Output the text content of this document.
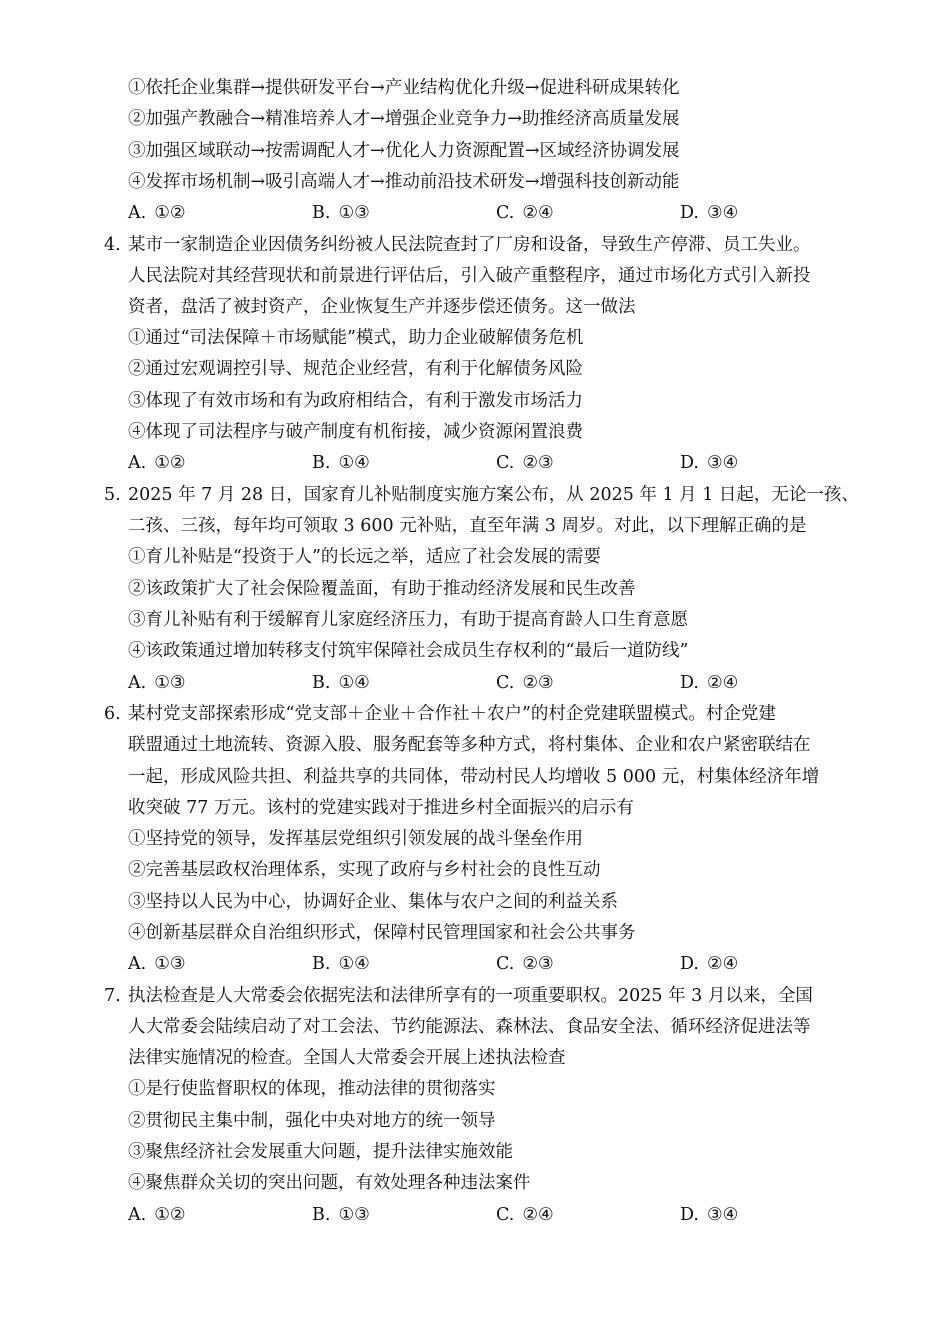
①依托企业集群→提供研发平台→产业结构优化升级→促进科研成果转化
②加强产教融合→精准培养人才→增强企业竞争力→助推经济高质量发展
③加强区域联动→按需调配人才→优化人力资源配置→区域经济协调发展
④发挥市场机制→吸引高端人才→推动前沿技术研发→增强科技创新动能
A. ①②	B. ①③	C. ②④	D. ③④
4. 某市一家制造企业因债务纠纷被人民法院查封了厂房和设备，导致生产停滞、员工失业。
人民法院对其经营现状和前景进行评估后，引入破产重整程序，通过市场化方式引入新投
资者，盘活了被封资产，企业恢复生产并逐步偿还债务。这一做法
①通过“司法保障＋市场赋能”模式，助力企业破解债务危机
②通过宏观调控引导、规范企业经营，有利于化解债务风险
③体现了有效市场和有为政府相结合，有利于激发市场活力
④体现了司法程序与破产制度有机衔接，减少资源闲置浪费
A. ①②	B. ①④	C. ②③	D. ③④
5. 2025 年 7 月 28 日，国家育儿补贴制度实施方案公布，从 2025 年 1 月 1 日起，无论一孩、
二孩、三孩，每年均可领取 3 600 元补贴，直至年满 3 周岁。对此，以下理解正确的是
①育儿补贴是“投资于人”的长远之举，适应了社会发展的需要
②该政策扩大了社会保险覆盖面，有助于推动经济发展和民生改善
③育儿补贴有利于缓解育儿家庭经济压力，有助于提高育龄人口生育意愿
④该政策通过增加转移支付筑牢保障社会成员生存权利的“最后一道防线”
A. ①③	B. ①④	C. ②③	D. ②④
6. 某村党支部探索形成“党支部＋企业＋合作社＋农户”的村企党建联盟模式。村企党建
联盟通过土地流转、资源入股、服务配套等多种方式，将村集体、企业和农户紧密联结在
一起，形成风险共担、利益共享的共同体，带动村民人均增收 5 000 元，村集体经济年增
收突破 77 万元。该村的党建实践对于推进乡村全面振兴的启示有
①坚持党的领导，发挥基层党组织引领发展的战斗堡垒作用
②完善基层政权治理体系，实现了政府与乡村社会的良性互动
③坚持以人民为中心，协调好企业、集体与农户之间的利益关系
④创新基层群众自治组织形式，保障村民管理国家和社会公共事务
A. ①③	B. ①④	C. ②③	D. ②④
7. 执法检查是人大常委会依据宪法和法律所享有的一项重要职权。2025 年 3 月以来，全国
人大常委会陆续启动了对工会法、节约能源法、森林法、食品安全法、循环经济促进法等
法律实施情况的检查。全国人大常委会开展上述执法检查
①是行使监督职权的体现，推动法律的贯彻落实
②贯彻民主集中制，强化中央对地方的统一领导
③聚焦经济社会发展重大问题，提升法律实施效能
④聚焦群众关切的突出问题，有效处理各种违法案件
A. ①②	B. ①③	C. ②④	D. ③④
